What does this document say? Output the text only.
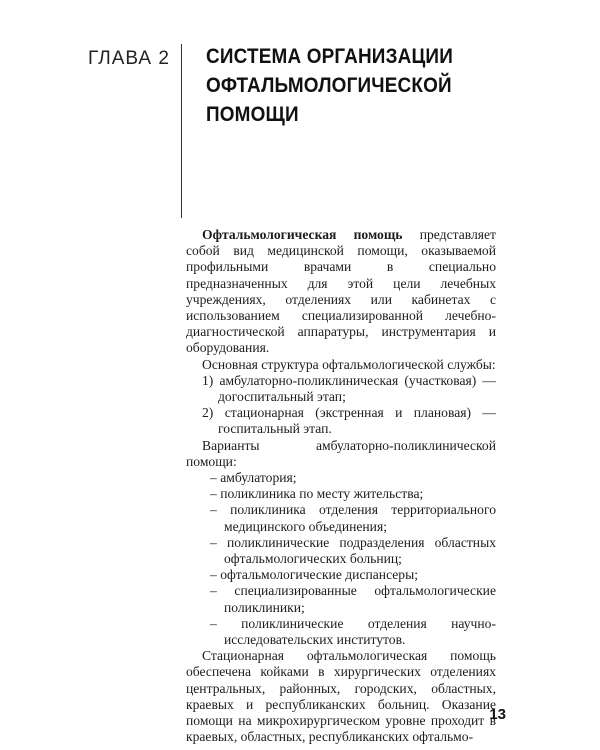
ГЛАВА 2 СИСТЕМА ОРГАНИЗАЦИИ ОФТАЛЬМОЛОГИЧЕСКОЙ ПОМОЩИ

Офтальмологическая помощь представляет собой вид медицинской помощи, оказываемой профильными врачами в специально предназначенных для этой цели лечебных учреждениях, отделениях или кабинетах с использованием специализированной лечебно-диагностической аппаратуры, инструментария и оборудования.

Основная структура офтальмологической службы:

1) амбулаторно-поликлиническая (участковая) — догоспитальный этап;
2) стационарная (экстренная и плановая) — госпитальный этап.

Варианты амбулаторно-поликлинической помощи:

– амбулатория;
– поликлиника по месту жительства;
– поликлиника отделения территориального медицинского объединения;
– поликлинические подразделения областных офтальмологических больниц;
– офтальмологические диспансеры;
– специализированные офтальмологические поликлиники;
– поликлинические отделения научно-исследовательских институтов.

Стационарная офтальмологическая помощь обеспечена койками в хирургических отделениях центральных, районных, городских, областных, краевых и республиканских больниц. Оказание помощи на микрохирургическом уровне проходит в краевых, областных, республиканских офтальмо-

13
